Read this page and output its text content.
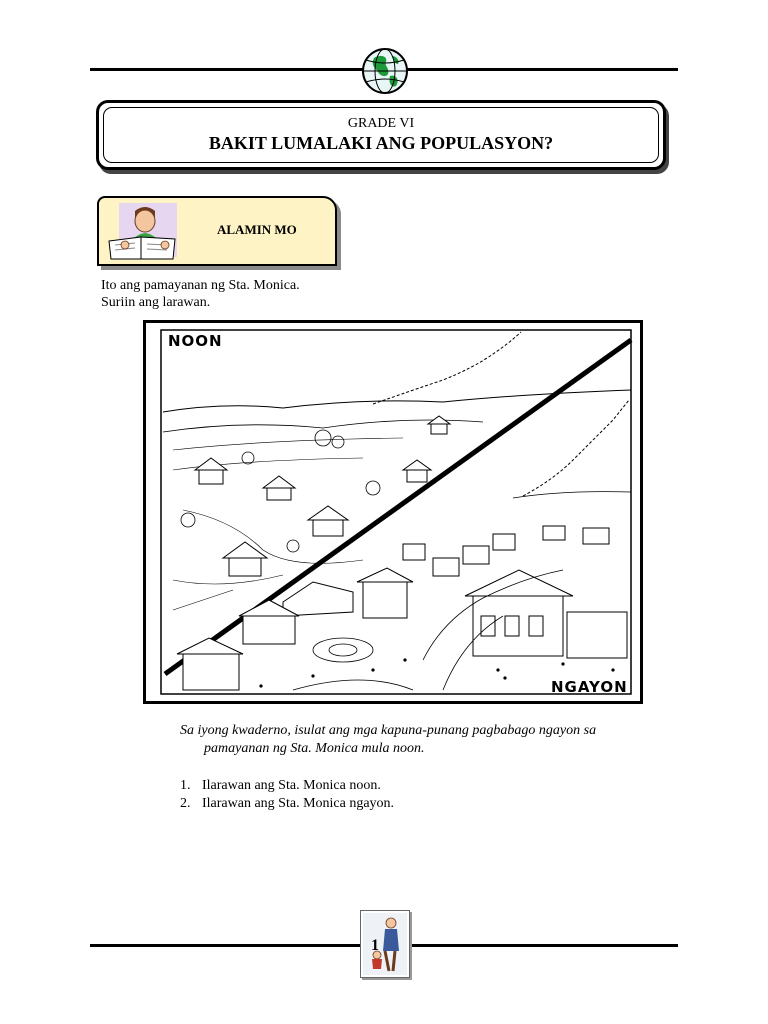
GRADE VI
BAKIT LUMALAKI ANG POPULASYON?
ALAMIN MO
Ito ang pamayanan ng Sta. Monica.
Suriin ang larawan.
NOON
NGAYON
Sa iyong kwaderno, isulat ang mga kapuna-punang pagbabago ngayon sa
pamayanan ng Sta. Monica mula noon.
1. Ilarawan ang Sta. Monica noon.
2. Ilarawan ang Sta. Monica ngayon.
1
